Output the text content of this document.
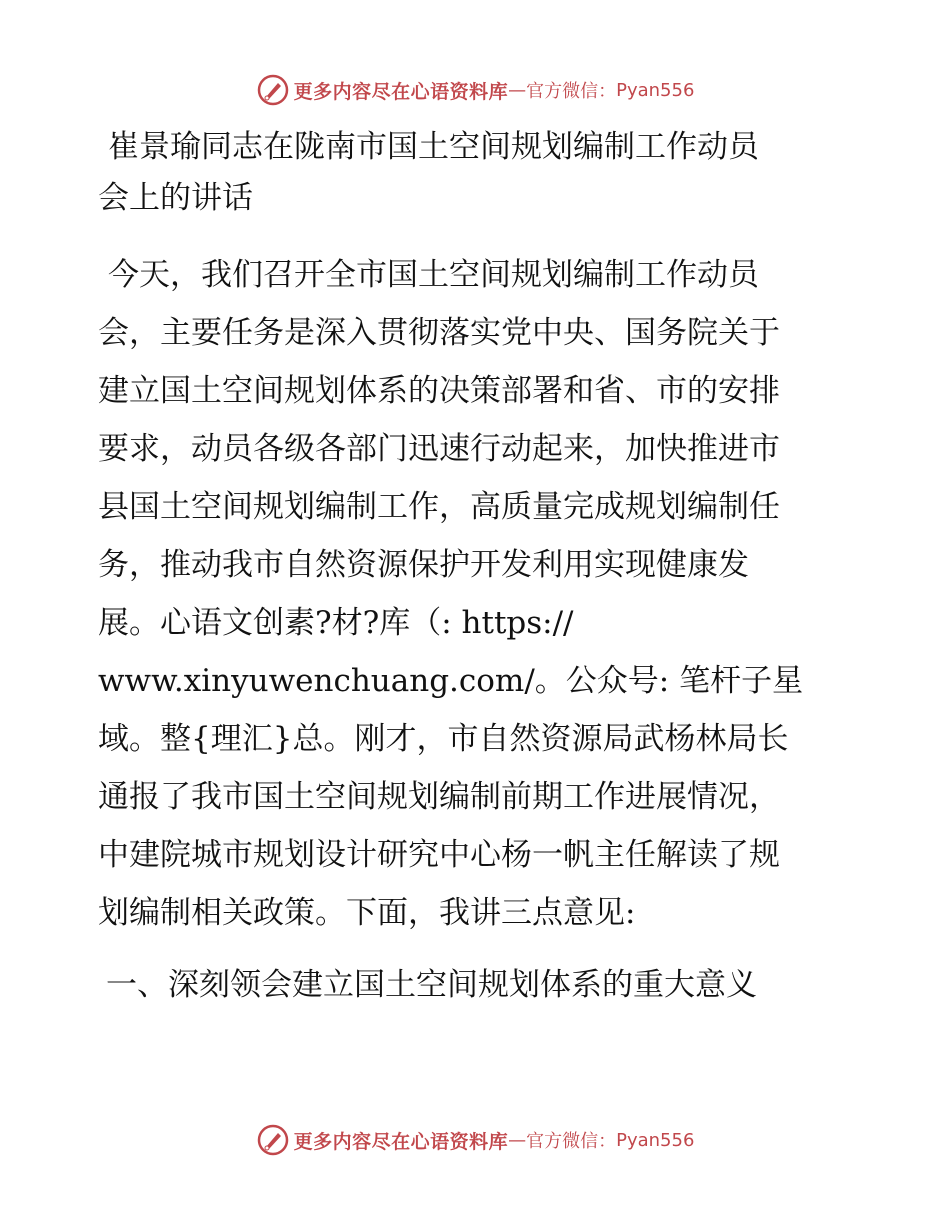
更多内容尽在心语资料库 — 官方微信： Pyan556

崔景瑜同志在陇南市国土空间规划编制工作动员
会上的讲话

今天，我们召开全市国土空间规划编制工作动员
会，主要任务是深入贯彻落实党中央、国务院关于
建立国土空间规划体系的决策部署和省、市的安排
要求，动员各级各部门迅速行动起来，加快推进市
县国土空间规划编制工作，高质量完成规划编制任
务，推动我市自然资源保护开发利用实现健康发
展。心语文创素?材?库（: https://
www.xinyuwenchuang.com/。公众号: 笔杆子星
域。整{理汇}总。刚才，市自然资源局武杨林局长
通报了我市国土空间规划编制前期工作进展情况，
中建院城市规划设计研究中心杨一帆主任解读了规
划编制相关政策。下面，我讲三点意见:

一、深刻领会建立国土空间规划体系的重大意义

更多内容尽在心语资料库 — 官方微信： Pyan556
